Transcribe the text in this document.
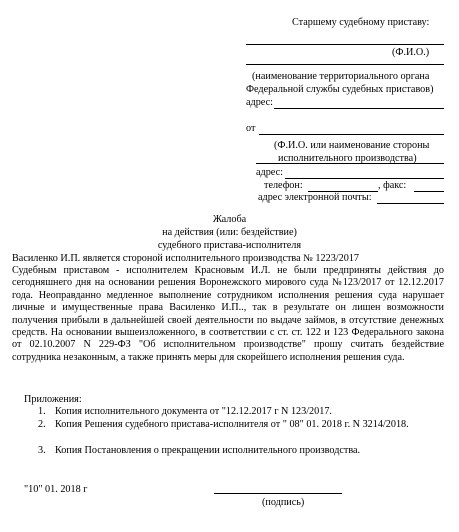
Старшему судебному приставу:
(Ф.И.О.)
(наименование территориального органа
Федеральной службы судебных приставов)
адрес:
от
(Ф.И.О. или наименование стороны
исполнительного производства)
адрес:
телефон:	, факс:
адрес электронной почты:
Жалоба
на действия (или: бездействие)
судебного пристава-исполнителя
Василенко И.П. является стороной исполнительного производства № 1223/2017
Судебным приставом - исполнителем Красновым И.Л. не были предприняты действия до сегодняшнего дня на основании решения Воронежского мирового суда №123/2017 от 12.12.2017 года. Неоправданно медленное выполнение сотрудником исполнения решения суда нарушает личные и имущественные права Василенко И.П.., так в результате он лишен возможности получения прибыли в дальнейшей своей деятельности по выдаче займов, в отсутствие денежных средств. На основании вышеизложенного, в соответствии с ст. ст. 122 и 123 Федерального закона от 02.10.2007 N 229-ФЗ "Об исполнительном производстве" прошу считать бездействие сотрудника незаконным, а также принять меры для скорейшего исполнения решения суда.
Приложения:
1. Копия исполнительного документа от "12.12.2017 г N 123/2017.
2. Копия Решения судебного пристава-исполнителя от " 08" 01. 2018 г. N 3214/2018.
3. Копия Постановления о прекращении исполнительного производства.
"10" 01. 2018 г
(подпись)
